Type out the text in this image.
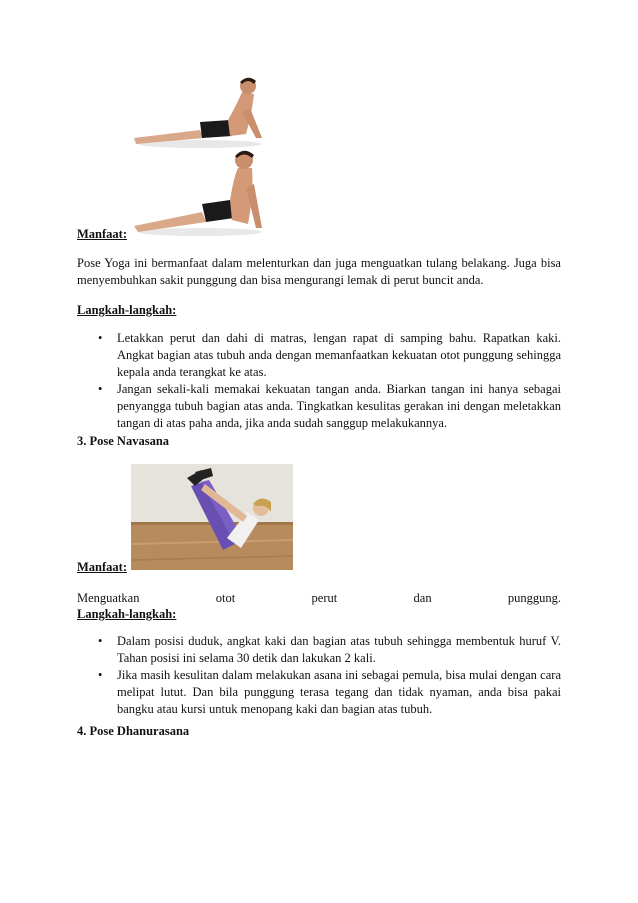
Manfaat:
Pose Yoga ini bermanfaat dalam melenturkan dan juga menguatkan tulang belakang. Juga bisa menyembuhkan sakit punggung dan bisa mengurangi lemak di perut buncit anda.
Langkah-langkah:
• Letakkan perut dan dahi di matras, lengan rapat di samping bahu. Rapatkan kaki. Angkat bagian atas tubuh anda dengan memanfaatkan kekuatan otot punggung sehingga kepala anda terangkat ke atas.
• Jangan sekali-kali memakai kekuatan tangan anda. Biarkan tangan ini hanya sebagai penyangga tubuh bagian atas anda. Tingkatkan kesulitas gerakan ini dengan meletakkan tangan di atas paha anda, jika anda sudah sanggup melakukannya.
3. Pose Navasana
Manfaat:
Menguatkan	otot	perut	dan	punggung.
Langkah-langkah:
• Dalam posisi duduk, angkat kaki dan bagian atas tubuh sehingga membentuk huruf V. Tahan posisi ini selama 30 detik dan lakukan 2 kali.
• Jika masih kesulitan dalam melakukan asana ini sebagai pemula, bisa mulai dengan cara melipat lutut. Dan bila punggung terasa tegang dan tidak nyaman, anda bisa pakai bangku atau kursi untuk menopang kaki dan bagian atas tubuh.
4. Pose Dhanurasana
